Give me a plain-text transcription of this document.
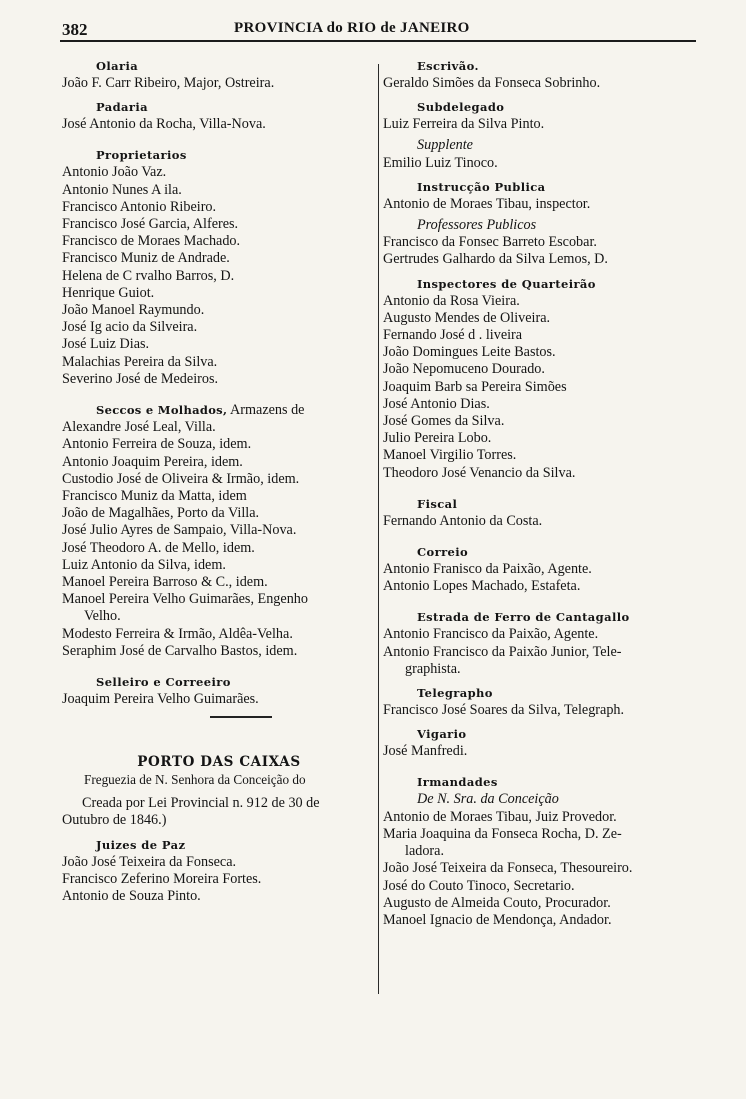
382	PROVINCIA do RIO de JANEIRO
Olaria
João F. Carr Ribeiro, Major, Ostreira.
Padaria
José Antonio da Rocha, Villa-Nova.
Proprietarios
Antonio João Vaz.
Antonio Nunes A ila.
Francisco Antonio Ribeiro.
Francisco José Garcia, Alferes.
Francisco de Moraes Machado.
Francisco Muniz de Andrade.
Helena de C rvalho Barros, D.
Henrique Guiot.
João Manoel Raymundo.
José Ig acio da Silveira.
José Luiz Dias.
Malachias Pereira da Silva.
Severino José de Medeiros.
Seccos e Molhados, Armazens de
Alexandre José Leal, Villa.
Antonio Ferreira de Souza, idem.
Antonio Joaquim Pereira, idem.
Custodio José de Oliveira & Irmão, idem.
Francisco Muniz da Matta, idem
João de Magalhães, Porto da Villa.
José Julio Ayres de Sampaio, Villa-Nova.
José Theodoro A. de Mello, idem.
Luiz Antonio da Silva, idem.
Manoel Pereira Barroso & C., idem.
Manoel Pereira Velho Guimarães, Engenho
Velho.
Modesto Ferreira & Irmão, Aldêa-Velha.
Seraphim José de Carvalho Bastos, idem.
Selleiro e Correeiro
Joaquim Pereira Velho Guimarães.
PORTO DAS CAIXAS
Freguezia de N. Senhora da Conceição do
Creada por Lei Provincial n. 912 de 30 de
Outubro de 1846.)
Juizes de Paz
João José Teixeira da Fonseca.
Francisco Zeferino Moreira Fortes.
Antonio de Souza Pinto.
Escrivão.
Geraldo Simões da Fonseca Sobrinho.
Subdelegado
Luiz Ferreira da Silva Pinto.
Supplente
Emilio Luiz Tinoco.
Instrucção Publica
Antonio de Moraes Tibau, inspector.
Professores Publicos
Francisco da Fonsec Barreto Escobar.
Gertrudes Galhardo da Silva Lemos, D.
Inspectores de Quarteirão
Antonio da Rosa Vieira.
Augusto Mendes de Oliveira.
Fernando José d . liveira
João Domingues Leite Bastos.
João Nepomuceno Dourado.
Joaquim Barb sa Pereira Simões
José Antonio Dias.
José Gomes da Silva.
Julio Pereira Lobo.
Manoel Virgilio Torres.
Theodoro José Venancio da Silva.
Fiscal
Fernando Antonio da Costa.
Correio
Antonio Franisco da Paixão, Agente.
Antonio Lopes Machado, Estafeta.
Estrada de Ferro de Cantagallo
Antonio Francisco da Paixão, Agente.
Antonio Francisco da Paixão Junior, Tele-
graphista.
Telegrapho
Francisco José Soares da Silva, Telegraph.
Vigario
José Manfredi.
Irmandades
De N. Sra. da Conceição
Antonio de Moraes Tibau, Juiz Provedor.
Maria Joaquina da Fonseca Rocha, D. Ze-
ladora.
João José Teixeira da Fonseca, Thesoureiro.
José do Couto Tinoco, Secretario.
Augusto de Almeida Couto, Procurador.
Manoel Ignacio de Mendonça, Andador.
